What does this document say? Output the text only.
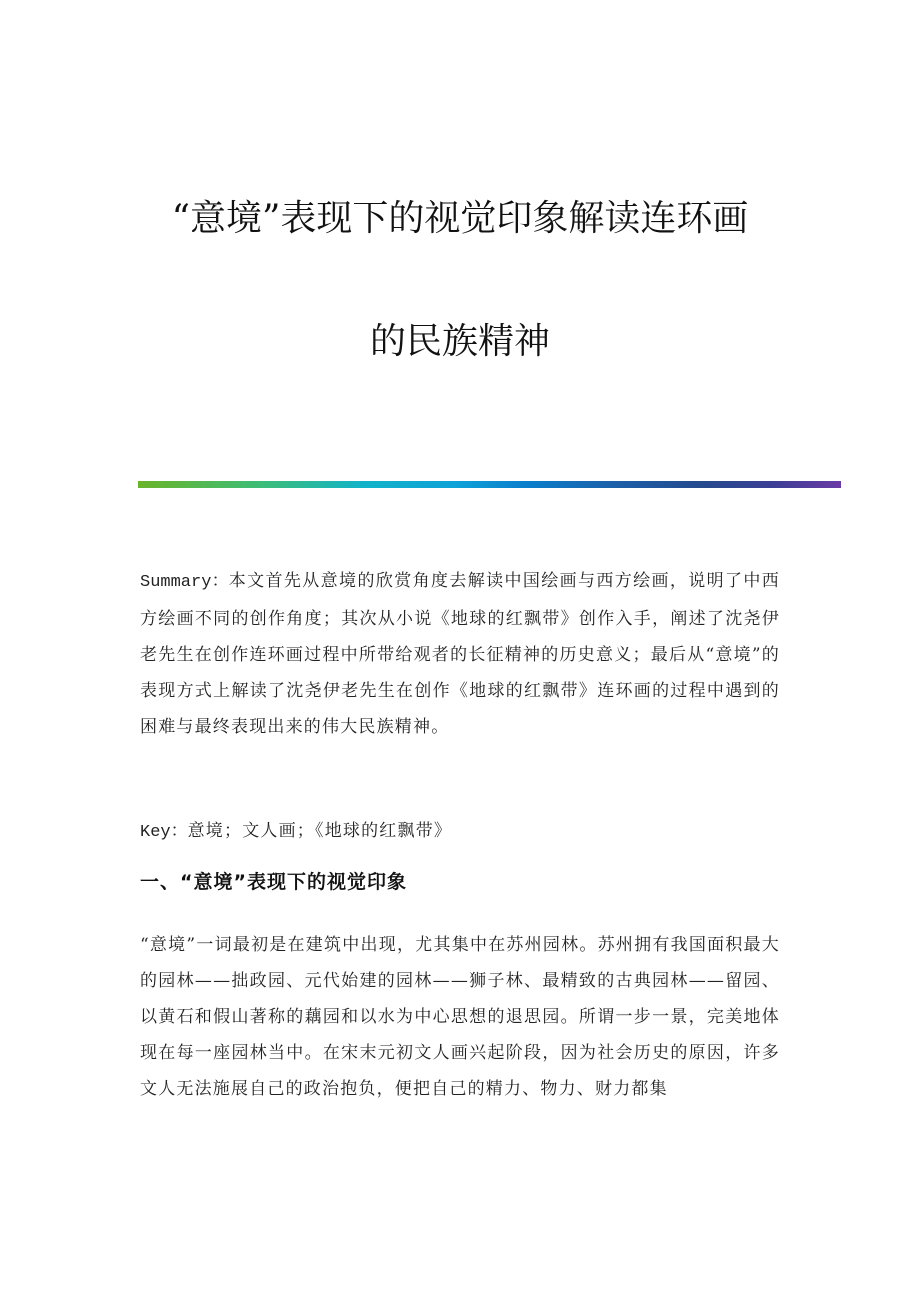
“意境”表现下的视觉印象解读连环画
的民族精神
Summary：本文首先从意境的欣赏角度去解读中国绘画与西方绘画，说明了中西方绘画不同的创作角度；其次从小说《地球的红飘带》创作入手，阐述了沈尧伊老先生在创作连环画过程中所带给观者的长征精神的历史意义；最后从“意境”的表现方式上解读了沈尧伊老先生在创作《地球的红飘带》连环画的过程中遇到的困难与最终表现出来的伟大民族精神。
Key：意境；文人画；《地球的红飘带》
一、“意境”表现下的视觉印象
“意境”一词最初是在建筑中出现，尤其集中在苏州园林。苏州拥有我国面积最大的园林——拙政园、元代始建的园林——狮子林、最精致的古典园林——留园、以黄石和假山著称的藕园和以水为中心思想的退思园。所谓一步一景，完美地体现在每一座园林当中。在宋末元初文人画兴起阶段，因为社会历史的原因，许多文人无法施展自己的政治抱负，便把自己的精力、物力、财力都集
